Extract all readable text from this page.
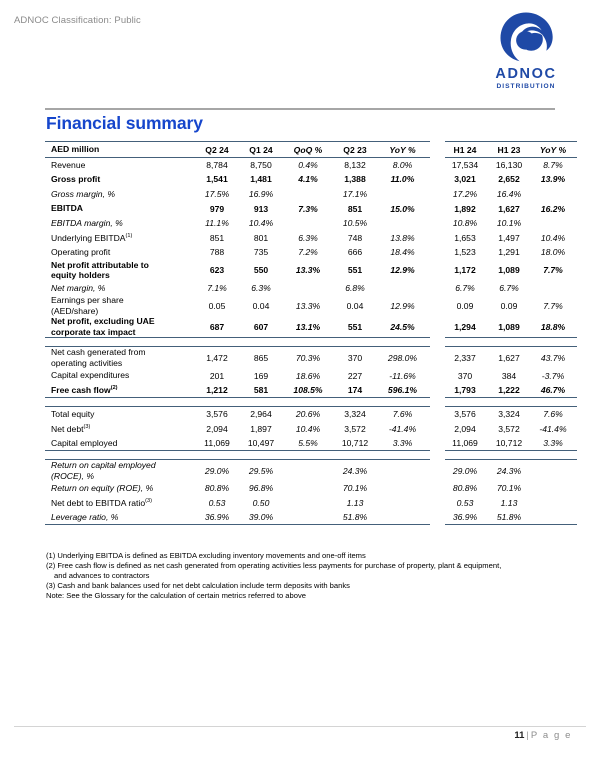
ADNOC Classification: Public
ADNOC
DISTRIBUTION
Financial summary
AED million	Q2 24	Q1 24	QoQ %	Q2 23	YoY %		H1 24	H1 23	YoY %
Revenue	8,784	8,750	0.4%	8,132	8.0%		17,534	16,130	8.7%
Gross profit	1,541	1,481	4.1%	1,388	11.0%		3,021	2,652	13.9%
Gross margin, %	17.5%	16.9%		17.1%			17.2%	16.4%	
EBITDA	979	913	7.3%	851	15.0%		1,892	1,627	16.2%
EBITDA margin, %	11.1%	10.4%		10.5%			10.8%	10.1%	
Underlying EBITDA$^{(1)}$	851	801	6.3%	748	13.8%		1,653	1,497	10.4%
Operating profit	788	735	7.2%	666	18.4%		1,523	1,291	18.0%
Net profit attributable to
equity holders	623	550	13.3%	551	12.9%		1,172	1,089	7.7%
Net margin, %	7.1%	6.3%		6.8%			6.7%	6.7%	
Earnings per share
(AED/share)	0.05	0.04	13.3%	0.04	12.9%		0.09	0.09	7.7%
Net profit, excluding UAE
corporate tax impact	687	607	13.1%	551	24.5%		1,294	1,089	18.8%

Net cash generated from
operating activities	1,472	865	70.3%	370	298.0%		2,337	1,627	43.7%
Capital expenditures	201	169	18.6%	227	-11.6%		370	384	-3.7%
Free cash flow$^{(2)}$	1,212	581	108.5%	174	596.1%		1,793	1,222	46.7%

Total equity	3,576	2,964	20.6%	3,324	7.6%		3,576	3,324	7.6%
Net debt$^{(3)}$	2,094	1,897	10.4%	3,572	-41.4%		2,094	3,572	-41.4%
Capital employed	11,069	10,497	5.5%	10,712	3.3%		11,069	10,712	3.3%

Return on capital employed
(ROCE), %	29.0%	29.5%		24.3%			29.0%	24.3%	
Return on equity (ROE), %	80.8%	96.8%		70.1%			80.8%	70.1%	
Net debt to EBITDA ratio$^{(3)}$	0.53	0.50		1.13			0.53	1.13	
Leverage ratio, %	36.9%	39.0%		51.8%			36.9%	51.8%	
(1) Underlying EBITDA is defined as EBITDA excluding inventory movements and one-off items
(2) Free cash flow is defined as net cash generated from operating activities less payments for purchase of property, plant & equipment,
and advances to contractors
(3) Cash and bank balances used for net debt calculation include term deposits with banks
Note: See the Glossary for the calculation of certain metrics referred to above
11 | P a g e
